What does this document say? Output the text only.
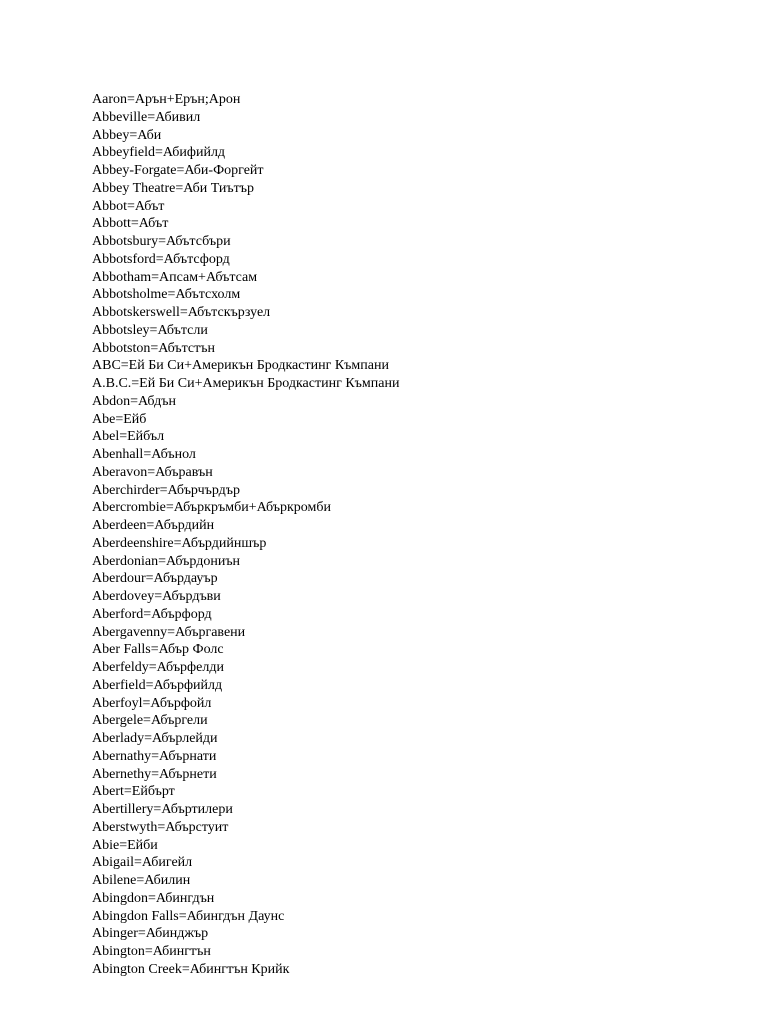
Aaron=Арън+Ерън;Арон
Abbeville=Абивил
Abbey=Аби
Abbeyfield=Абифийлд
Abbey-Forgate=Аби-Форгейт
Abbey Theatre=Аби Тиътър
Abbot=Абът
Abbott=Абът
Abbotsbury=Абътсбъри
Abbotsford=Абътсфорд
Abbotham=Апсам+Абътсам
Abbotsholme=Абътсхолм
Abbotskerswell=Абътскързуел
Abbotsley=Абътсли
Abbotston=Абътстън
ABC=Ей Би Си+Америкън Бродкастинг Къмпани
A.B.C.=Ей Би Си+Америкън Бродкастинг Къмпани
Abdon=Абдън
Abe=Ейб
Abel=Ейбъл
Abenhall=Абънол
Aberavon=Абъравън
Aberchirder=Абърчърдър
Abercrombie=Абъркръмби+Абъркромби
Aberdeen=Абърдийн
Aberdeenshire=Абърдийншър
Aberdonian=Абърдониън
Aberdour=Абърдауър
Aberdovey=Абърдъви
Aberford=Абърфорд
Abergavenny=Абъргавени
Aber Falls=Абър Фолс
Aberfeldy=Абърфелди
Aberfield=Абърфийлд
Aberfoyl=Абърфойл
Abergele=Абъргели
Aberlady=Абърлейди
Abernathy=Абърнати
Abernethy=Абърнети
Abert=Ейбърт
Abertillery=Абъртилери
Aberstwyth=Абърстуит
Abie=Ейби
Abigail=Абигейл
Abilene=Абилин
Abingdon=Абингдън
Abingdon Falls=Абингдън Даунс
Abinger=Абинджър
Abington=Абингтън
Abington Creek=Абингтън Крийк
